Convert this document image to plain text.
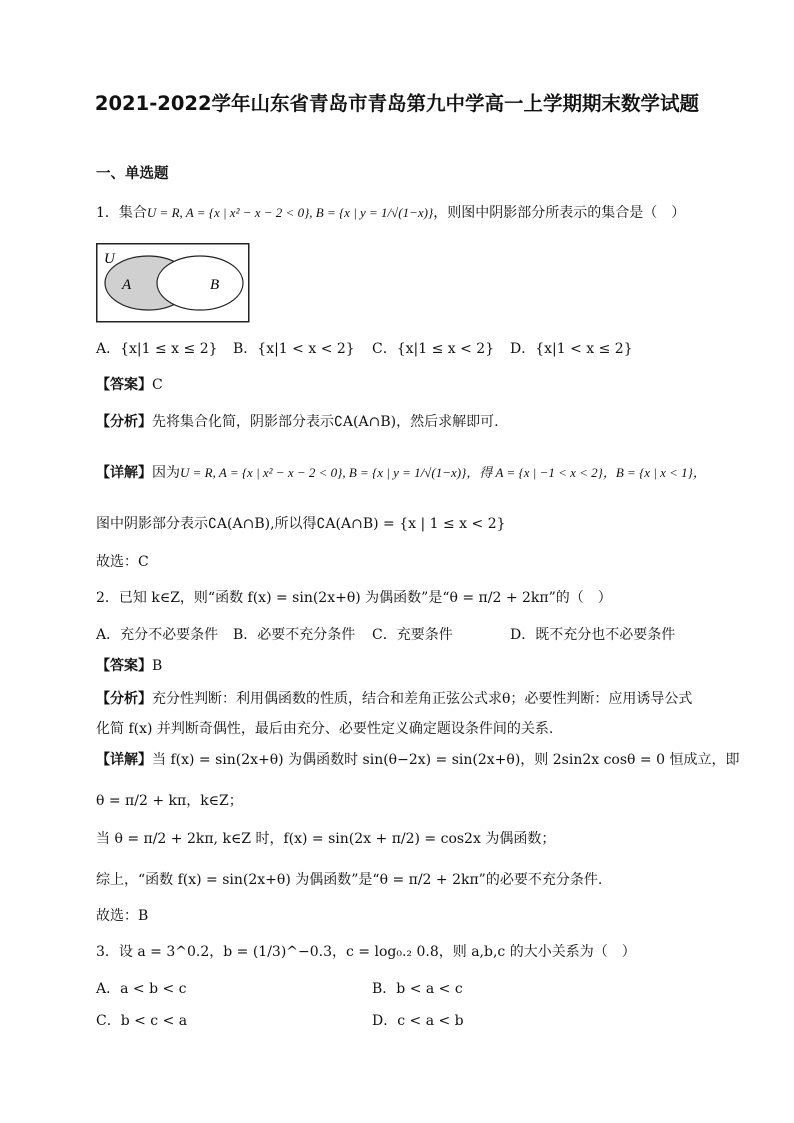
2021-2022学年山东省青岛市青岛第九中学高一上学期期末数学试题
一、单选题
1．集合U = R, A = {x | x² − x − 2 < 0}, B = {x | y = 1/√(1−x)}，则图中阴影部分所表示的集合是（　）
U
A	B
A．{x|1 ≤ x ≤ 2} B．{x|1 < x < 2} C．{x|1 ≤ x < 2} D．{x|1 < x ≤ 2}
【答案】C
【分析】先将集合化简，阴影部分表示∁A(A∩B)，然后求解即可.
【详解】因为U = R, A = {x | x² − x − 2 < 0}, B = {x | y = 1/√(1−x)}，得 A = {x | −1 < x < 2}，B = {x | x < 1}，
图中阴影部分表示∁A(A∩B),所以得∁A(A∩B) = {x | 1 ≤ x < 2}
故选：C
2．已知 k∈Z，则“函数 f(x) = sin(2x+θ) 为偶函数”是“θ = π/2 + 2kπ”的（　）
A．充分不必要条件 B．必要不充分条件 C．充要条件	D．既不充分也不必要条件
【答案】B
【分析】充分性判断：利用偶函数的性质，结合和差角正弦公式求θ；必要性判断：应用诱导公式
化简 f(x) 并判断奇偶性，最后由充分、必要性定义确定题设条件间的关系.
【详解】当 f(x) = sin(2x+θ) 为偶函数时 sin(θ−2x) = sin(2x+θ)，则 2sin2x cosθ = 0 恒成立，即
θ = π/2 + kπ，k∈Z；
当 θ = π/2 + 2kπ, k∈Z 时，f(x) = sin(2x + π/2) = cos2x 为偶函数；
综上，“函数 f(x) = sin(2x+θ) 为偶函数”是“θ = π/2 + 2kπ”的必要不充分条件.
故选：B
3．设 a = 3^0.2，b = (1/3)^−0.3，c = log₀.₂ 0.8，则 a,b,c 的大小关系为（　）
A．a < b < c	B．b < a < c
C．b < c < a	D．c < a < b
